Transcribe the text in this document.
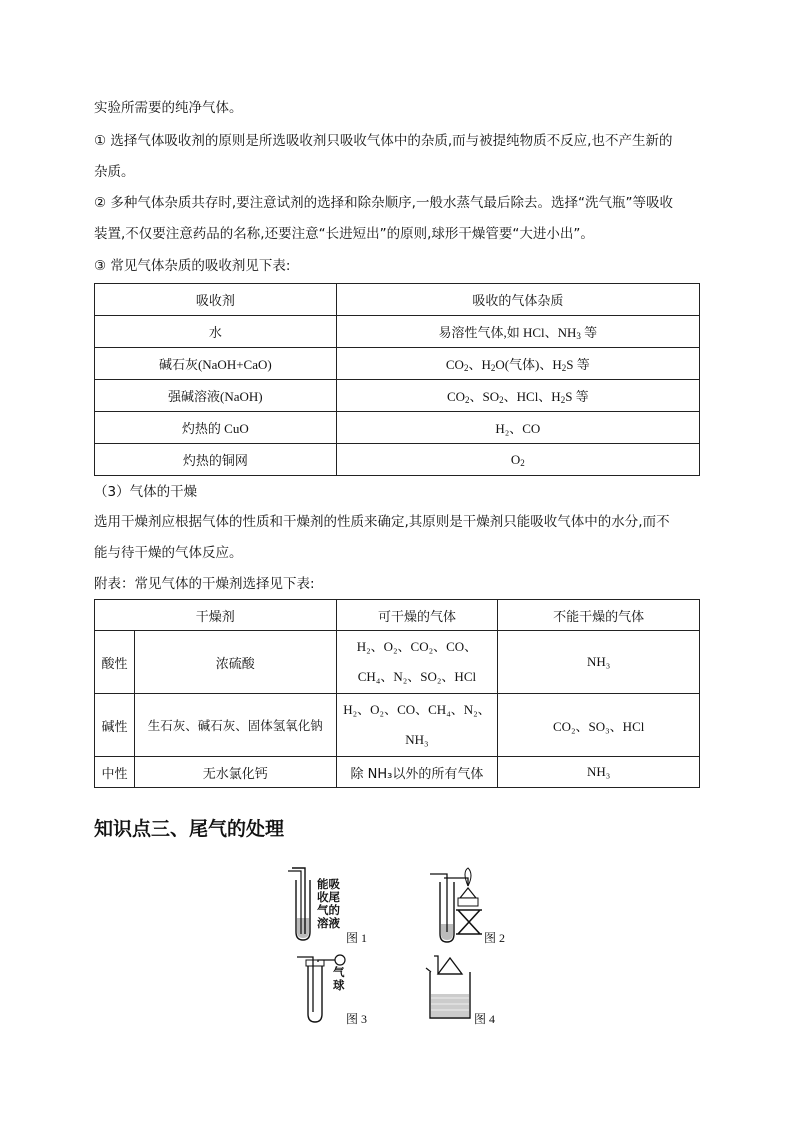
实验所需要的纯净气体。
① 选择气体吸收剂的原则是所选吸收剂只吸收气体中的杂质,而与被提纯物质不反应,也不产生新的
杂质。
② 多种气体杂质共存时,要注意试剂的选择和除杂顺序,一般水蒸气最后除去。选择“洗气瓶”等吸收
装置,不仅要注意药品的名称,还要注意“长进短出”的原则,球形干燥管要“大进小出”。
③ 常见气体杂质的吸收剂见下表:
吸收剂	吸收的气体杂质
水	易溶性气体,如 HCl、$NH_3$ 等
碱石灰(NaOH+CaO)	$CO_2$、$H_2O$(气体)、$H_2S$ 等
强碱溶液(NaOH)	$CO_2$、$SO_2$、HCl、$H_2S$ 等
灼热的 CuO	H₂、CO
灼热的铜网	$O_2$
（3）气体的干燥
选用干燥剂应根据气体的性质和干燥剂的性质来确定,其原则是干燥剂只能吸收气体中的水分,而不
能与待干燥的气体反应。
附表：常见气体的干燥剂选择见下表:
干燥剂		可干燥的气体	不能干燥的气体
酸性	浓硫酸	H₂、O₂、CO₂、CO、
CH₄、N₂、SO₂、HCl	NH₃
碱性	生石灰、碱石灰、固体氢氧化钠	H₂、O₂、CO、CH₄、N₂、
NH₃	CO₂、SO₃、HCl
中性	无水氯化钙	除 NH₃以外的所有气体	NH₃
知识点三、尾气的处理
能吸
收尾
气的
溶液
图 1	图 2
气
球
图 3	图 4
